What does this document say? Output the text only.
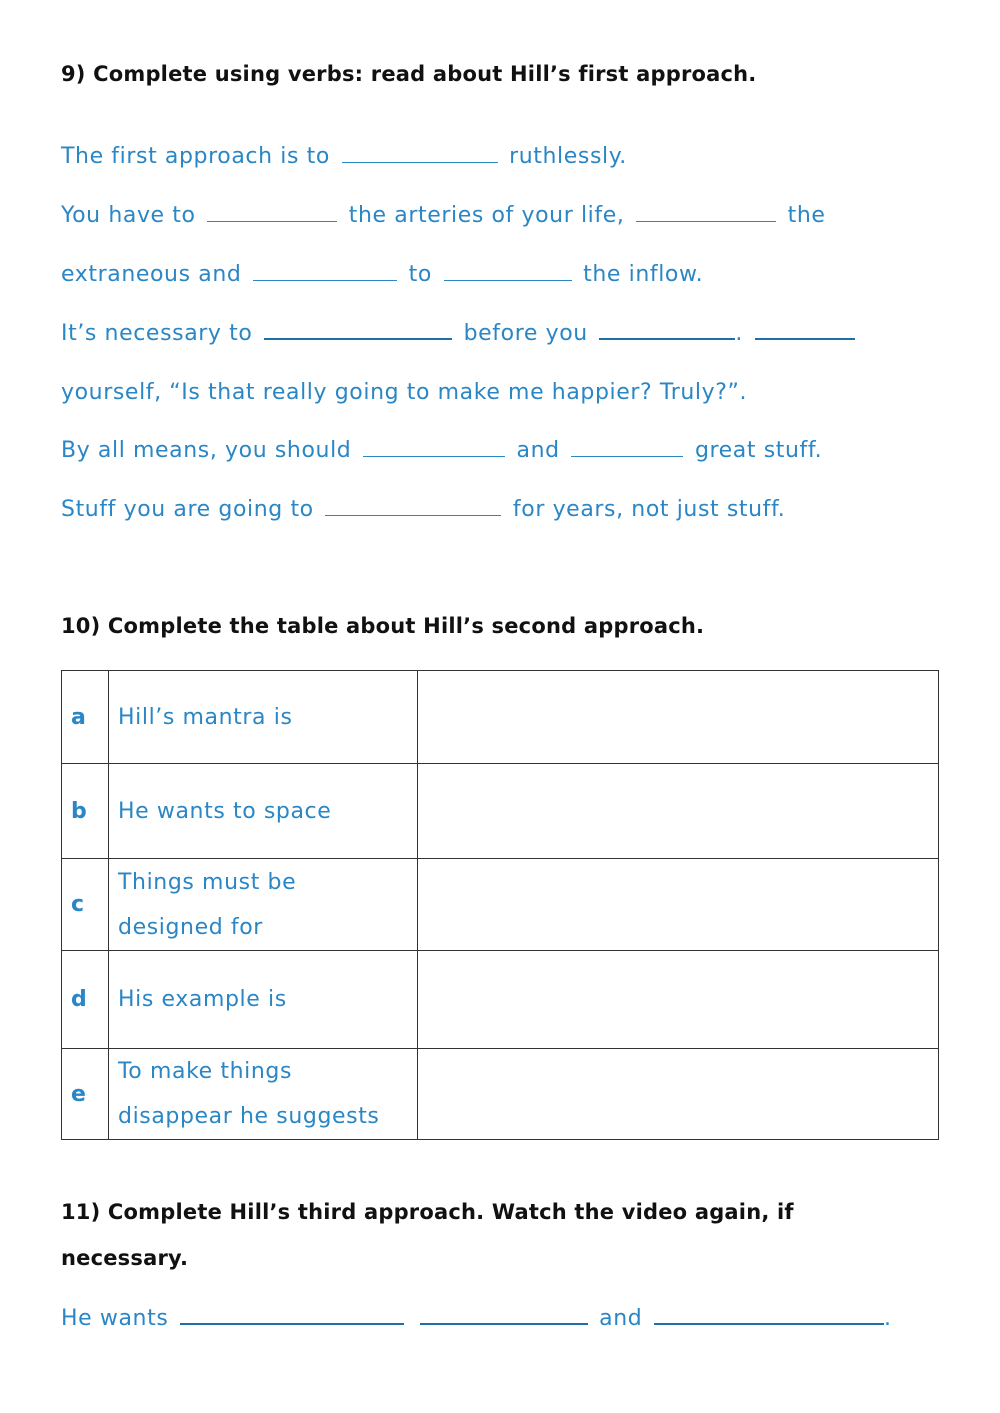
9) Complete using verbs: read about Hill’s first approach.
The first approach is to	ruthlessly.
You have to	the arteries of your life,	the
extraneous and	to	the inflow.
It’s necessary to	before you	.
yourself, “Is that really going to make me happier? Truly?”.
By all means, you should	and	great stuff.
Stuff you are going to	for years, not just stuff.
10) Complete the table about Hill’s second approach.
a	Hill’s mantra is	
b	He wants to space	
c	Things must be designed for	
d	His example is	
e	To make things disappear he suggests	
11) Complete Hill’s third approach. Watch the video again, if
necessary.
He wants	and	.
